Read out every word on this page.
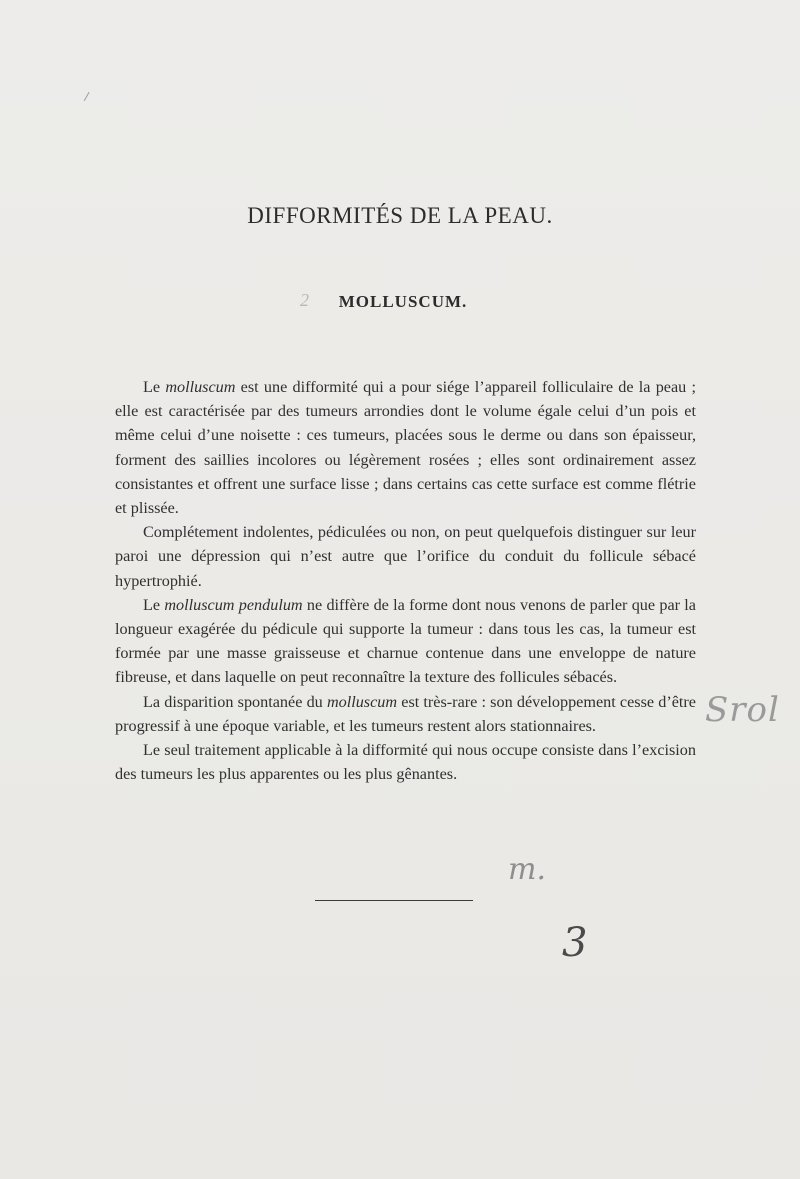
DIFFORMITÉS DE LA PEAU.
2	MOLLUSCUM.

Le molluscum est une difformité qui a pour siége l’appareil folliculaire de la peau ; elle est caractérisée par des tumeurs arrondies dont le volume égale celui d’un pois et même celui d’une noisette : ces tumeurs, placées sous le derme ou dans son épaisseur, forment des saillies incolores ou légèrement rosées ; elles sont ordinairement assez consistantes et offrent une surface lisse ; dans certains cas cette surface est comme flétrie et plissée.

Complétement indolentes, pédiculées ou non, on peut quelquefois distinguer sur leur paroi une dépression qui n’est autre que l’orifice du conduit du follicule sébacé hypertrophié.

Le molluscum pendulum ne diffère de la forme dont nous venons de parler que par la longueur exagérée du pédicule qui supporte la tumeur : dans tous les cas, la tumeur est formée par une masse graisseuse et charnue contenue dans une enveloppe de nature fibreuse, et dans laquelle on peut reconnaître la texture des follicules sébacés.

La disparition spontanée du molluscum est très-rare : son développement cesse d’être progressif à une époque variable, et les tumeurs restent alors stationnaires.

Le seul traitement applicable à la difformité qui nous occupe consiste dans l’excision des tumeurs les plus apparentes ou les plus gênantes.

Srol
m.
3
